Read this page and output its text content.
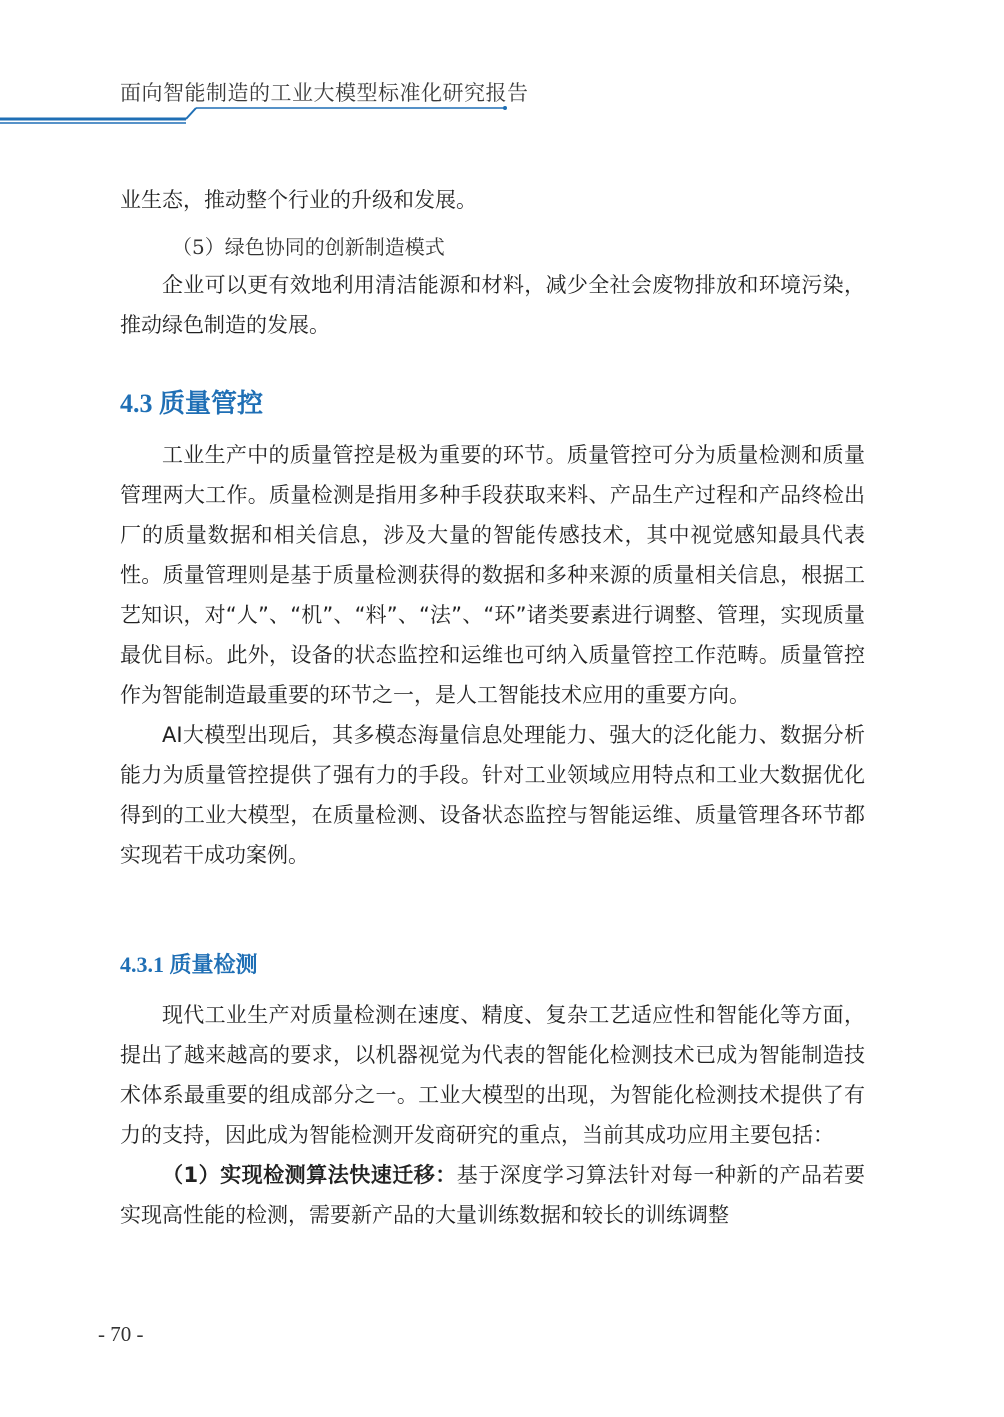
面向智能制造的工业大模型标准化研究报告

业生态，推动整个行业的升级和发展。

（5）绿色协同的创新制造模式

企业可以更有效地利用清洁能源和材料，减少全社会废物排放和环境污染，推动绿色制造的发展。

4.3 质量管控

工业生产中的质量管控是极为重要的环节。质量管控可分为质量检测和质量管理两大工作。质量检测是指用多种手段获取来料、产品生产过程和产品终检出厂的质量数据和相关信息，涉及大量的智能传感技术，其中视觉感知最具代表性。质量管理则是基于质量检测获得的数据和多种来源的质量相关信息，根据工艺知识，对“人”、“机”、“料”、“法”、“环”诸类要素进行调整、管理，实现质量最优目标。此外，设备的状态监控和运维也可纳入质量管控工作范畴。质量管控作为智能制造最重要的环节之一，是人工智能技术应用的重要方向。

AI大模型出现后，其多模态海量信息处理能力、强大的泛化能力、数据分析能力为质量管控提供了强有力的手段。针对工业领域应用特点和工业大数据优化得到的工业大模型，在质量检测、设备状态监控与智能运维、质量管理各环节都实现若干成功案例。

4.3.1 质量检测

现代工业生产对质量检测在速度、精度、复杂工艺适应性和智能化等方面，提出了越来越高的要求，以机器视觉为代表的智能化检测技术已成为智能制造技术体系最重要的组成部分之一。工业大模型的出现，为智能化检测技术提供了有力的支持，因此成为智能检测开发商研究的重点，当前其成功应用主要包括：

（1）实现检测算法快速迁移：基于深度学习算法针对每一种新的产品若要实现高性能的检测，需要新产品的大量训练数据和较长的训练调整

- 70 -
